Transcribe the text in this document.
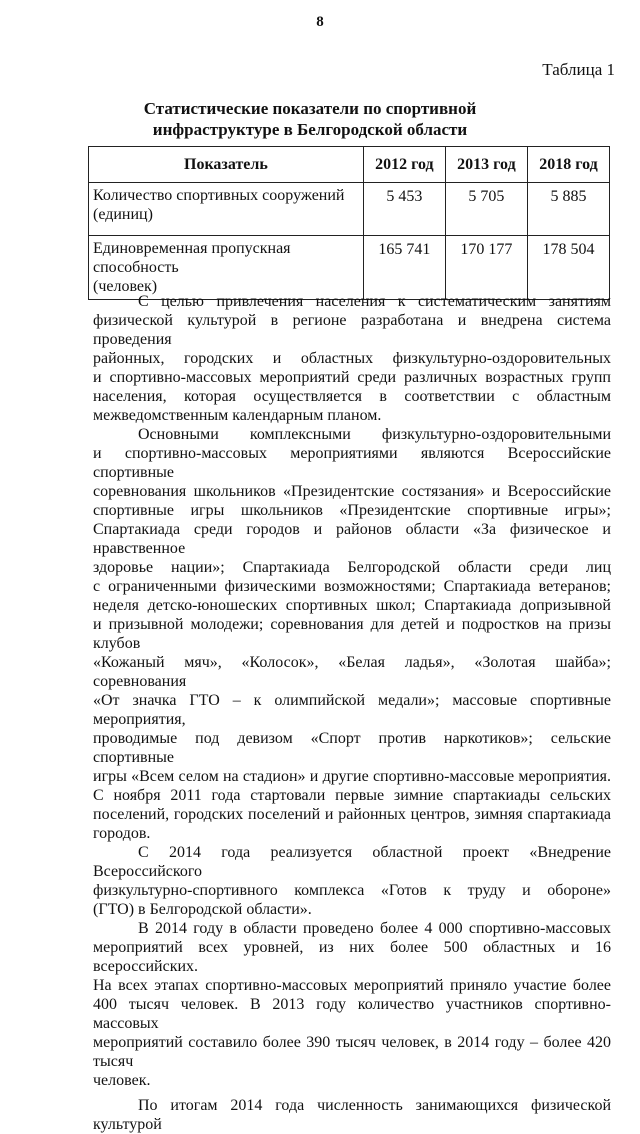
8
Таблица 1
Статистические показатели по спортивной
инфраструктуре в Белгородской области
Показатель	2012 год	2013 год	2018 год

Количество спортивных сооружений
(единиц)	5 453	5 705	5 885

Единовременная пропускная способность
(человек)	165 741	170 177	178 504

С целью привлечения населения к систематическим занятиям

физической культурой в регионе разработана и внедрена система проведения

районных, городских и областных физкультурно-оздоровительных

и спортивно-массовых мероприятий среди различных возрастных групп

населения, которая осуществляется в соответствии с областным

межведомственным календарным планом.

Основными комплексными физкультурно-оздоровительными

и спортивно-массовых мероприятиями являются Всероссийские спортивные

соревнования школьников «Президентские состязания» и Всероссийские

спортивные игры школьников «Президентские спортивные игры»;

Спартакиада среди городов и районов области «За физическое и нравственное

здоровье нации»; Спартакиада Белгородской области среди лиц

с ограниченными физическими возможностями; Спартакиада ветеранов;

неделя детско-юношеских спортивных школ; Спартакиада допризывной

и призывной молодежи; соревнования для детей и подростков на призы клубов

«Кожаный мяч», «Колосок», «Белая ладья», «Золотая шайба»; соревнования

«От значка ГТО – к олимпийской медали»; массовые спортивные мероприятия,

проводимые под девизом «Спорт против наркотиков»; сельские спортивные

игры «Всем селом на стадион» и другие спортивно-массовые мероприятия.

С ноября 2011 года стартовали первые зимние спартакиады сельских

поселений, городских поселений и районных центров, зимняя спартакиада

городов.

С 2014 года реализуется областной проект «Внедрение Всероссийского

физкультурно-спортивного комплекса «Готов к труду и обороне»

(ГТО) в Белгородской области».

В 2014 году в области проведено более 4 000 спортивно-массовых

мероприятий всех уровней, из них более 500 областных и 16 всероссийских.

На всех этапах спортивно-массовых мероприятий приняло участие более

400 тысяч человек. В 2013 году количество участников спортивно-массовых

мероприятий составило более 390 тысяч человек, в 2014 году – более 420 тысяч

человек.

По итогам 2014 года численность занимающихся физической культурой
